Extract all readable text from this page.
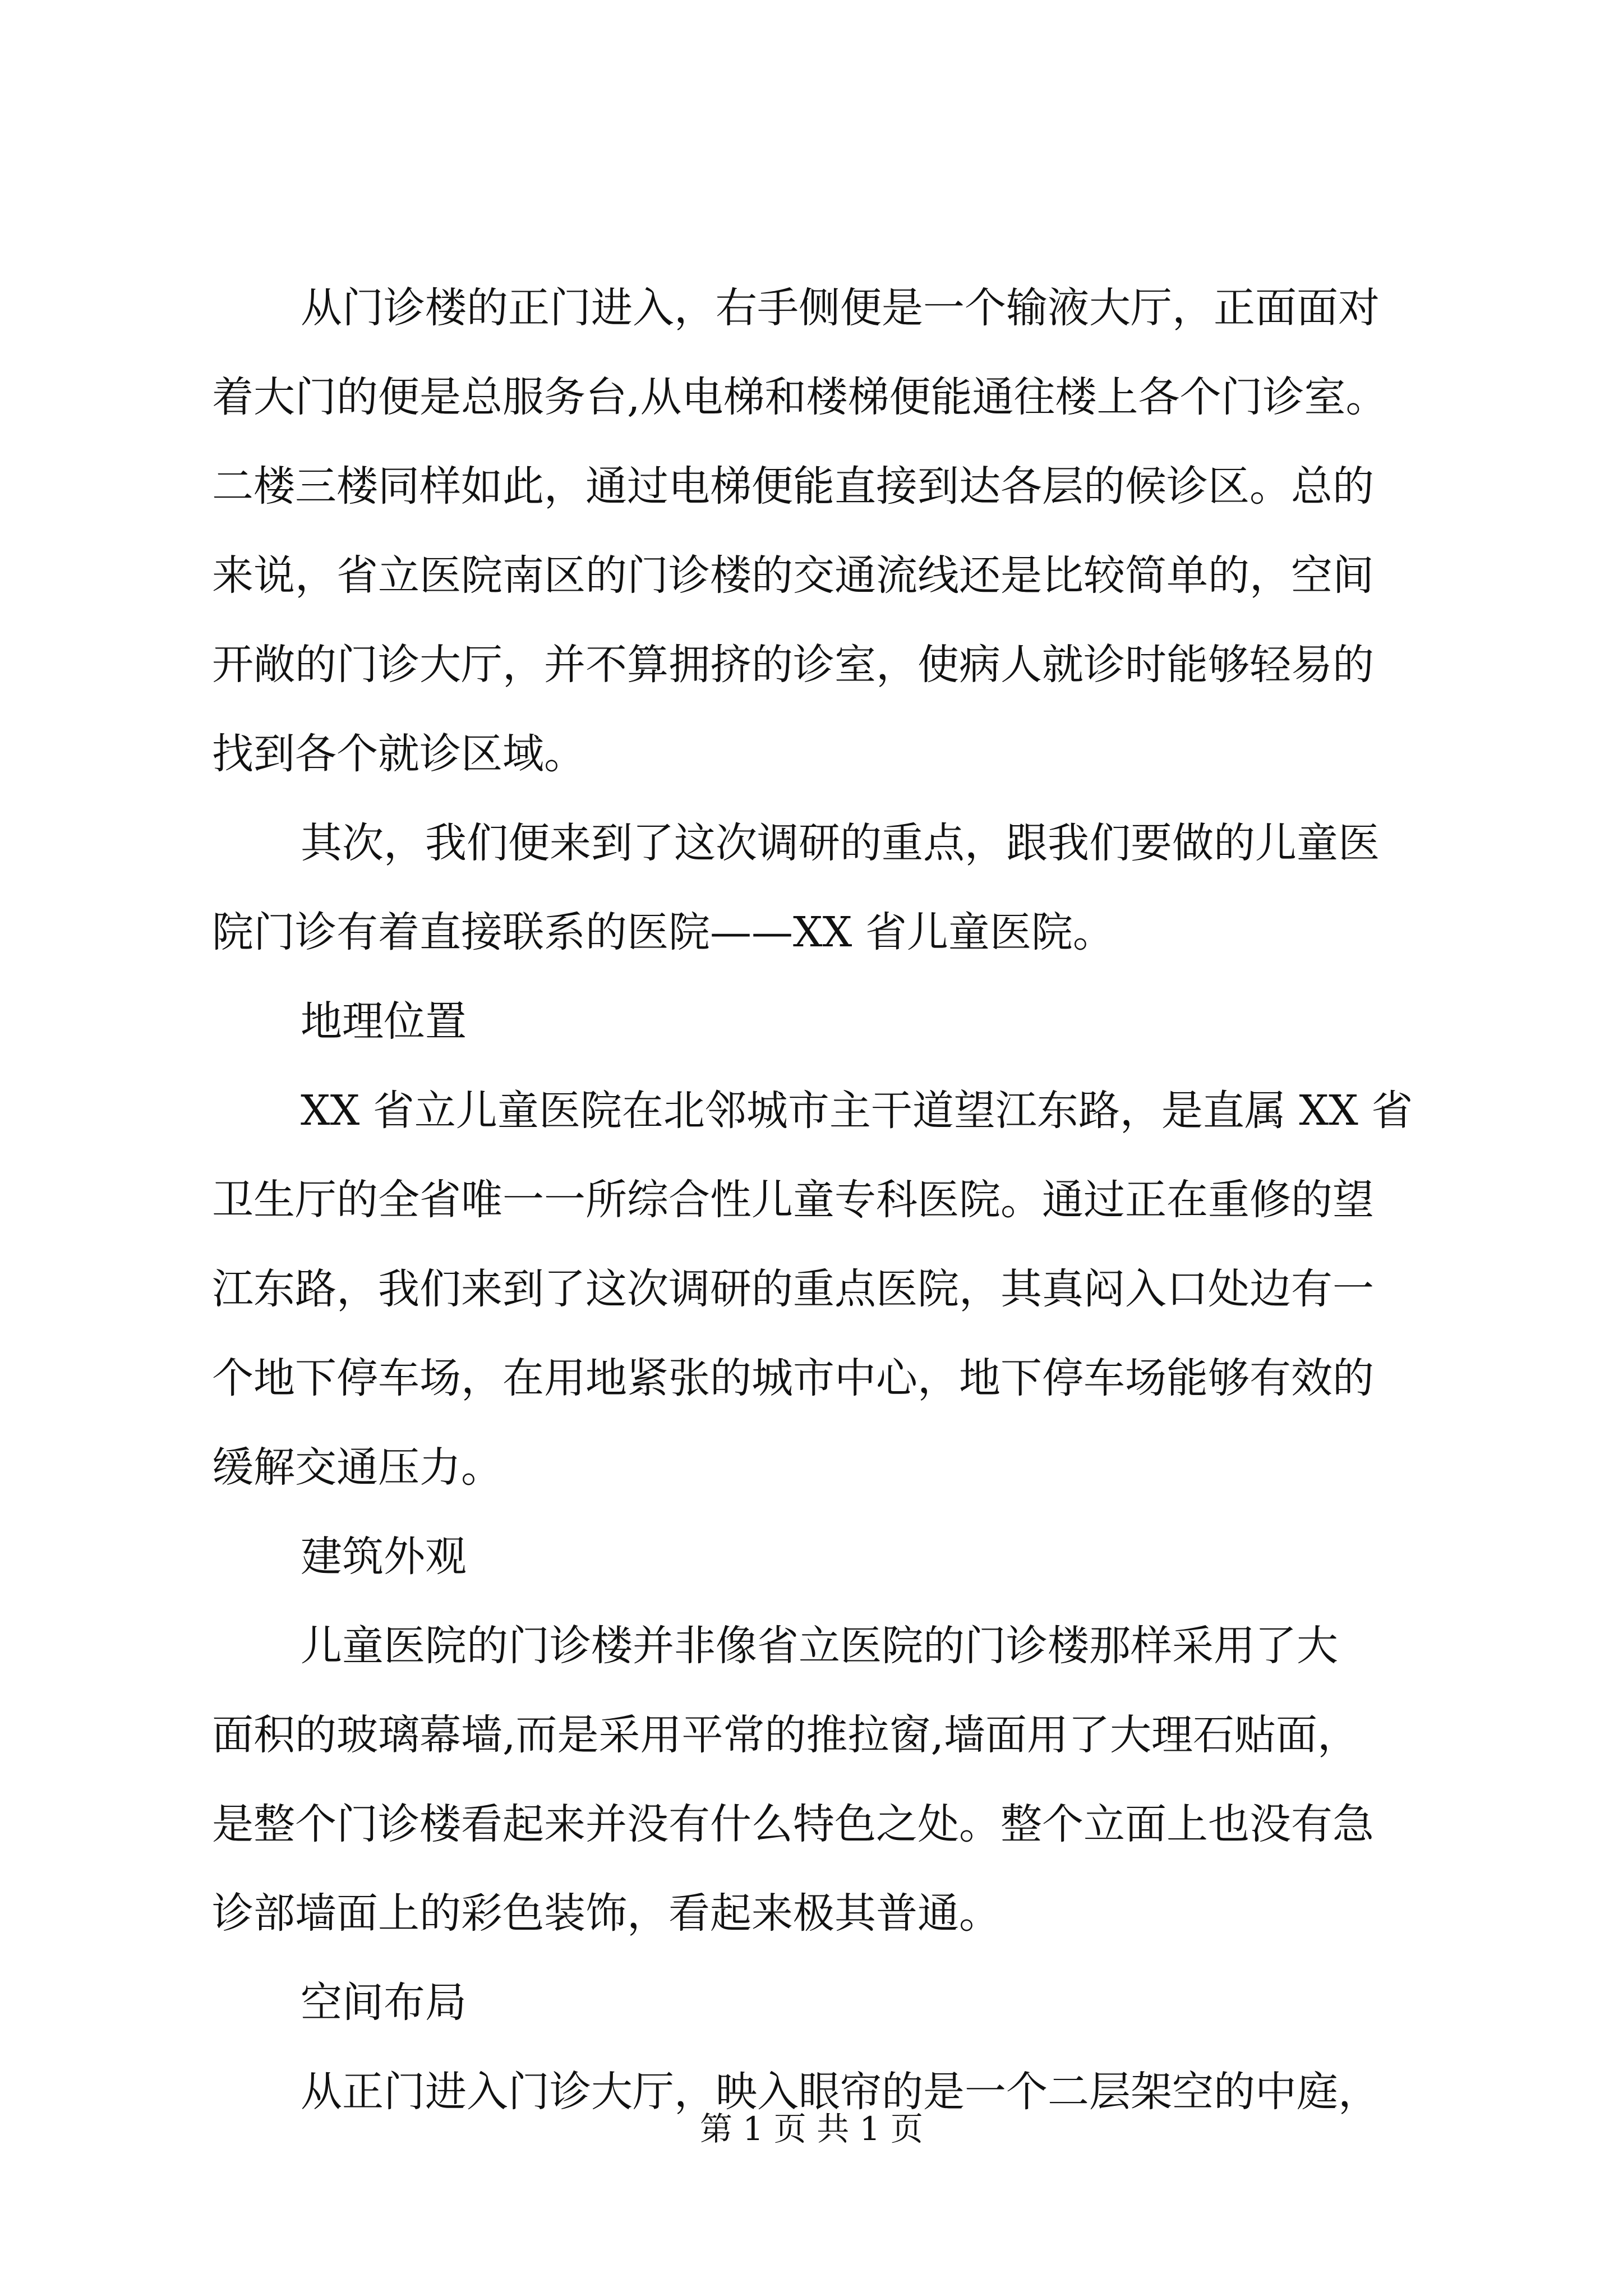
从门诊楼的正门进入，右手侧便是一个输液大厅，正面面对
着大门的便是总服务台,从电梯和楼梯便能通往楼上各个门诊室。
二楼三楼同样如此，通过电梯便能直接到达各层的候诊区。总的
来说，省立医院南区的门诊楼的交通流线还是比较简单的，空间
开敞的门诊大厅，并不算拥挤的诊室，使病人就诊时能够轻易的
找到各个就诊区域。

其次，我们便来到了这次调研的重点，跟我们要做的儿童医
院门诊有着直接联系的医院——XX 省儿童医院。

地理位置

XX 省立儿童医院在北邻城市主干道望江东路，是直属 XX 省
卫生厅的全省唯一一所综合性儿童专科医院。通过正在重修的望
江东路，我们来到了这次调研的重点医院，其真闷入口处边有一
个地下停车场，在用地紧张的城市中心，地下停车场能够有效的
缓解交通压力。

建筑外观

儿童医院的门诊楼并非像省立医院的门诊楼那样采用了大
面积的玻璃幕墙,而是采用平常的推拉窗,墙面用了大理石贴面，
是整个门诊楼看起来并没有什么特色之处。整个立面上也没有急
诊部墙面上的彩色装饰，看起来极其普通。

空间布局

从正门进入门诊大厅，映入眼帘的是一个二层架空的中庭，

第 1 页 共 1 页
